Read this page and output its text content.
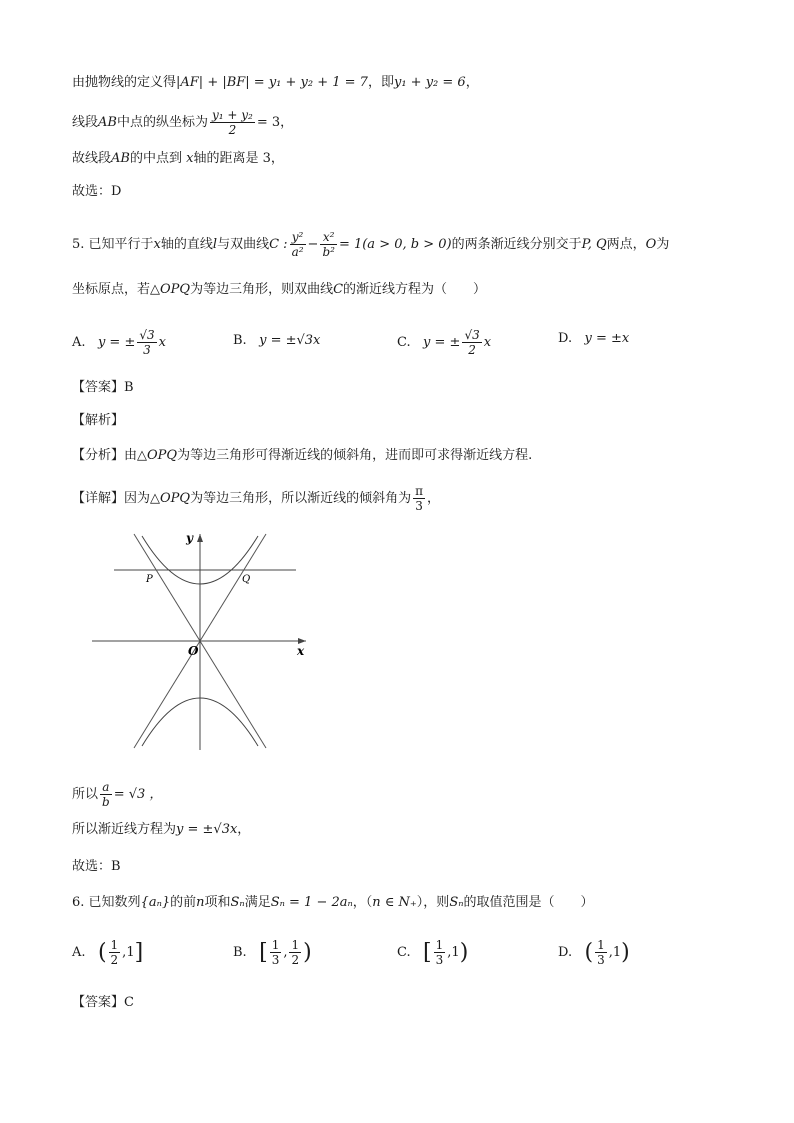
由抛物线的定义得|AF| + |BF| = y₁ + y₂ + 1 = 7，即y₁ + y₂ = 6，
线段AB中点的纵坐标为 $\frac{\text{y₁ + y₂}}{2} = 3$，
故线段AB的中点到 x轴的距离是 3，
故选：D
5. 已知平行于x轴的直线l与双曲线C : $\frac{\text{y²}}{\text{a²}} - \frac{\text{x²}}{\text{b²}} = 1(a > 0$, b > 0)的两条渐近线分别交于P, Q两点，O为
坐标原点，若△OPQ为等边三角形，则双曲线C的渐近线方程为（　　）
A. y = ± $\frac{√3}{3}$ x	B. y = ±√3x	C. y = ± $\frac{√3}{2}$ x	D. y = ±x
【答案】B
【解析】
【分析】由△OPQ为等边三角形可得渐近线的倾斜角，进而即可求得渐近线方程.
【详解】因为△OPQ为等边三角形，所以渐近线的倾斜角为 $\frac{\pi}{3}$ ，
y
x
O
P	Q
所以 $\frac{a}{b} = √3$ ，
所以渐近线方程为y = ±√3x，
故选：B
6. 已知数列{aₙ}的前n项和Sₙ满足Sₙ = 1 − 2aₙ，（n ∈ N₊），则Sₙ的取值范围是（　　）
A. ( $\frac{1}{2} ,1$]	B. [ $\frac{1}{3}$ , $\frac{1}{2}$ )	C. [ $\frac{1}{3} ,1$)	D. ( $\frac{1}{3} ,1$)
【答案】C
